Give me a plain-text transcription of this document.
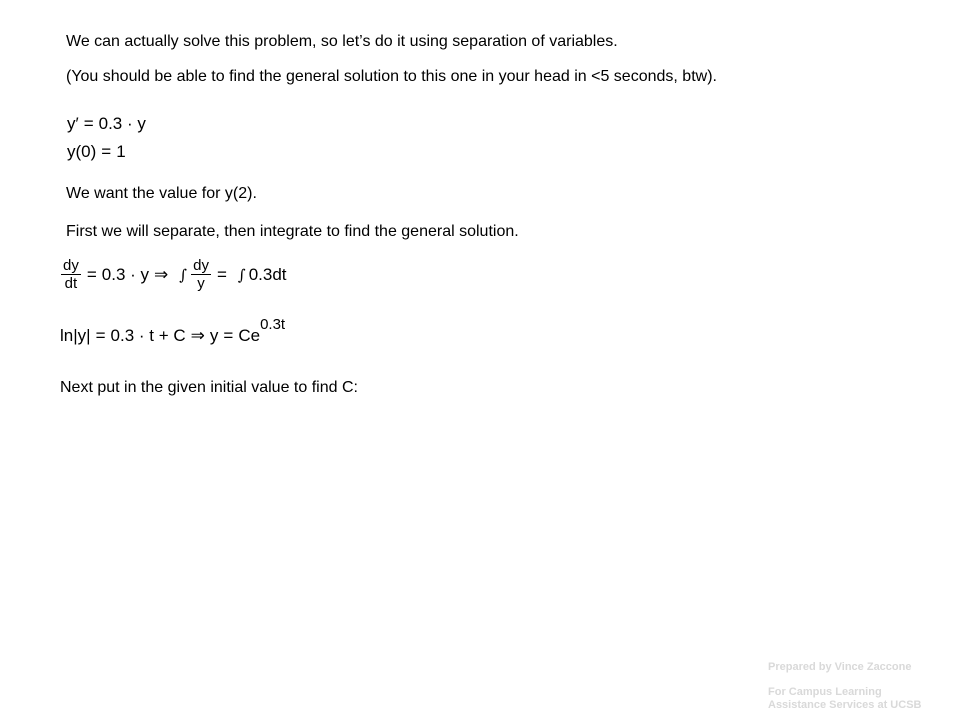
We can actually solve this problem, so let’s do it using separation of variables.
(You should be able to find the general solution to this one in your head in <5 seconds, btw).
y′ = 0.3 · y
y(0) = 1
We want the value for y(2).
First we will separate, then integrate to find the general solution.
$\frac{dy}{dt} = 0.3 \cdot y$ ⇒ ∫ $\frac{dy}{y}$ = ∫ 0.3dt
ln|y| = 0.3 · t + C ⇒ y = Ce
0.3t
Next put in the given initial value to find C:
Prepared by Vince Zaccone
For Campus Learning
Assistance Services at UCSB
